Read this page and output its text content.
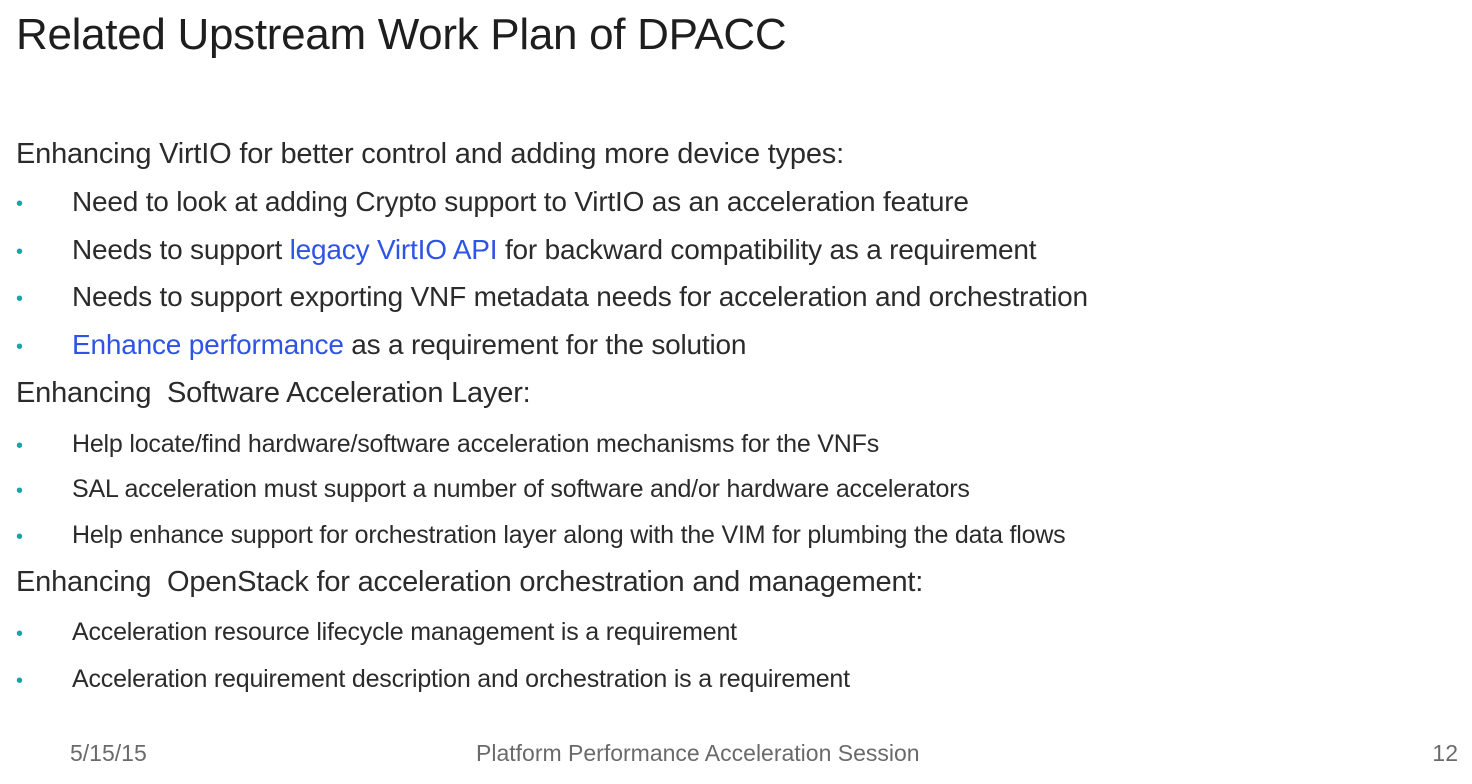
Related Upstream Work Plan of DPACC
Enhancing VirtIO for better control and adding more device types:
• Need to look at adding Crypto support to VirtIO as an acceleration feature
• Needs to support legacy VirtIO API for backward compatibility as a requirement
• Needs to support exporting VNF metadata needs for acceleration and orchestration
• Enhance performance as a requirement for the solution
Enhancing  Software Acceleration Layer:
• Help locate/find hardware/software acceleration mechanisms for the VNFs
• SAL acceleration must support a number of software and/or hardware accelerators
• Help enhance support for orchestration layer along with the VIM for plumbing the data flows
Enhancing  OpenStack for acceleration orchestration and management:
• Acceleration resource lifecycle management is a requirement
• Acceleration requirement description and orchestration is a requirement
5/15/15	Platform Performance Acceleration Session	12
